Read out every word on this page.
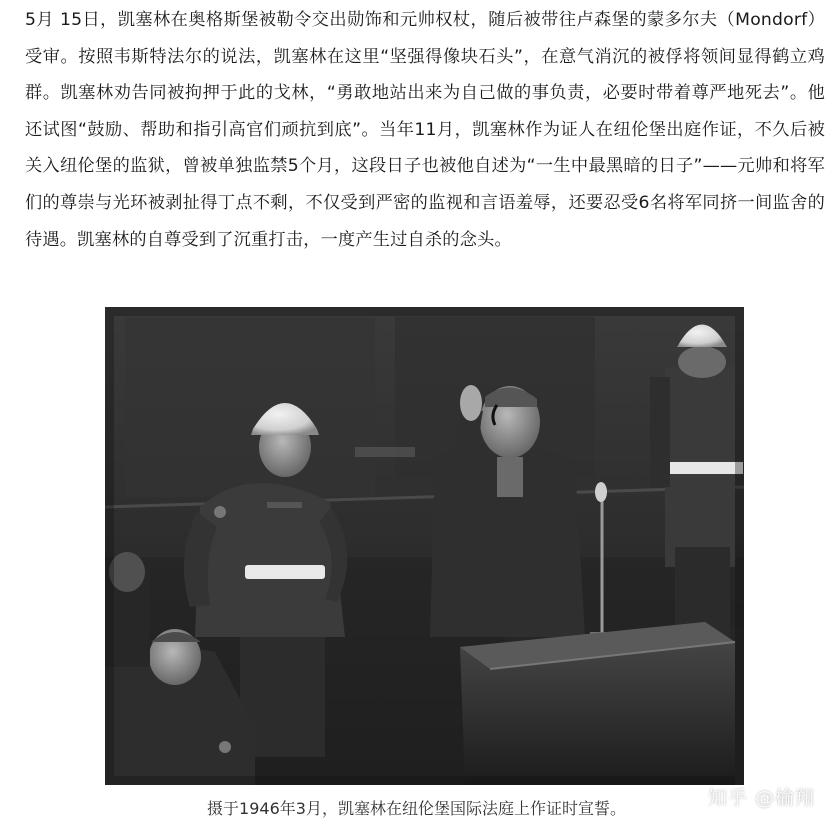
5月 15日，凯塞林在奥格斯堡被勒令交出勋饰和元帅权杖，随后被带往卢森堡的蒙多尔夫（Mondorf）受审。按照韦斯特法尔的说法，凯塞林在这里“坚强得像块石头”，在意气消沉的被俘将领间显得鹤立鸡群。凯塞林劝告同被拘押于此的戈林，“勇敢地站出来为自己做的事负责，必要时带着尊严地死去”。他还试图“鼓励、帮助和指引高官们顽抗到底”。当年11月，凯塞林作为证人在纽伦堡出庭作证，不久后被关入纽伦堡的监狱，曾被单独监禁5个月，这段日子也被他自述为“一生中最黑暗的日子”——元帅和将军们的尊崇与光环被剥扯得丁点不剩，不仅受到严密的监视和言语羞辱，还要忍受6名将军同挤一间监舍的待遇。凯塞林的自尊受到了沉重打击，一度产生过自杀的念头。

知乎 @榆翔

摄于1946年3月，凯塞林在纽伦堡国际法庭上作证时宣誓。
